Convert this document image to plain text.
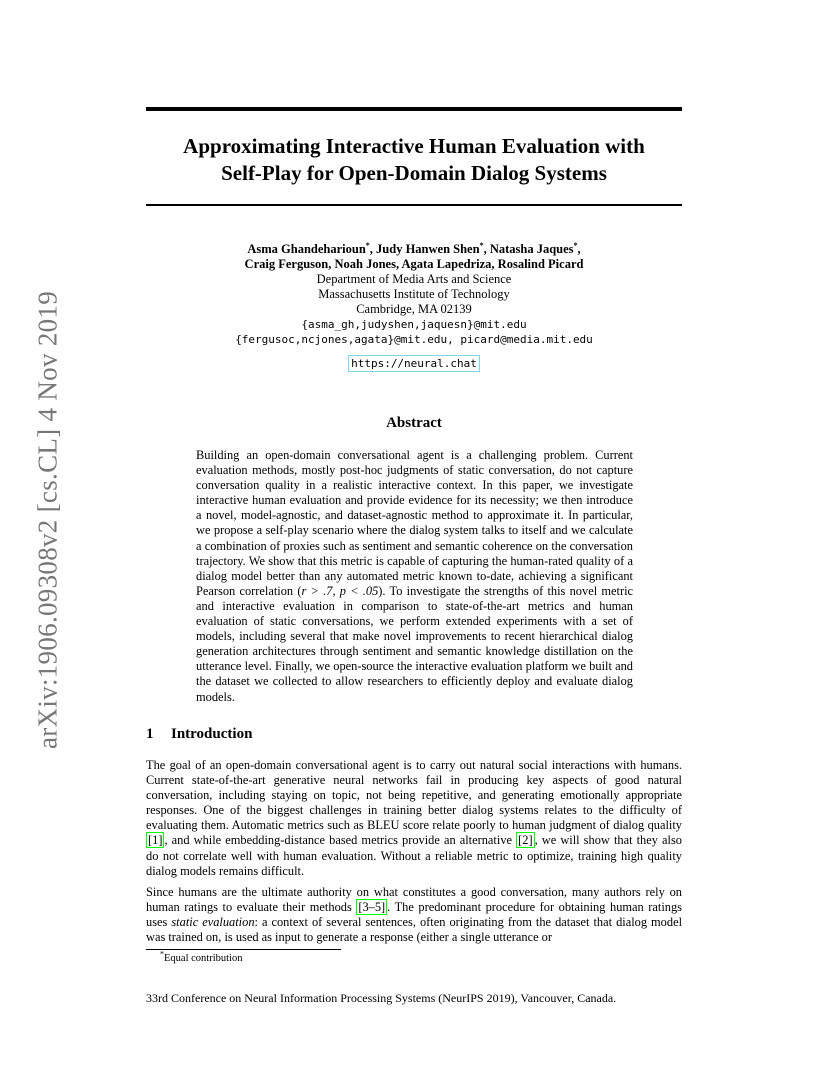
arXiv:1906.09308v2 [cs.CL] 4 Nov 2019
Approximating Interactive Human Evaluation with
Self-Play for Open-Domain Dialog Systems
Asma Ghandeharioun*, Judy Hanwen Shen*, Natasha Jaques*,
Craig Ferguson, Noah Jones, Agata Lapedriza, Rosalind Picard
Department of Media Arts and Science
Massachusetts Institute of Technology
Cambridge, MA 02139
{asma_gh,judyshen,jaquesn}@mit.edu
{fergusoc,ncjones,agata}@mit.edu, picard@media.mit.edu
https://neural.chat
Abstract
Building an open-domain conversational agent is a challenging problem. Current evaluation methods, mostly post-hoc judgments of static conversation, do not capture conversation quality in a realistic interactive context. In this paper, we investigate interactive human evaluation and provide evidence for its necessity; we then introduce a novel, model-agnostic, and dataset-agnostic method to approximate it. In particular, we propose a self-play scenario where the dialog system talks to itself and we calculate a combination of proxies such as sentiment and semantic coherence on the conversation trajectory. We show that this metric is capable of capturing the human-rated quality of a dialog model better than any automated metric known to-date, achieving a significant Pearson correlation (r > .7, p < .05). To investigate the strengths of this novel metric and interactive evaluation in comparison to state-of-the-art metrics and human evaluation of static conversations, we perform extended experiments with a set of models, including several that make novel improvements to recent hierarchical dialog generation architectures through sentiment and semantic knowledge distillation on the utterance level. Finally, we open-source the interactive evaluation platform we built and the dataset we collected to allow researchers to efficiently deploy and evaluate dialog models.
1 Introduction
The goal of an open-domain conversational agent is to carry out natural social interactions with humans. Current state-of-the-art generative neural networks fail in producing key aspects of good natural conversation, including staying on topic, not being repetitive, and generating emotionally appropriate responses. One of the biggest challenges in training better dialog systems relates to the difficulty of evaluating them. Automatic metrics such as BLEU score relate poorly to human judgment of dialog quality [1] , and while embedding-distance based metrics provide an alternative [2] , we will show that they also do not correlate well with human evaluation. Without a reliable metric to optimize, training high quality dialog models remains difficult.
Since humans are the ultimate authority on what constitutes a good conversation, many authors rely on human ratings to evaluate their methods [3–5] . The predominant procedure for obtaining human ratings uses static evaluation: a context of several sentences, often originating from the dataset that dialog model was trained on, is used as input to generate a response (either a single utterance or
*Equal contribution
33rd Conference on Neural Information Processing Systems (NeurIPS 2019), Vancouver, Canada.
